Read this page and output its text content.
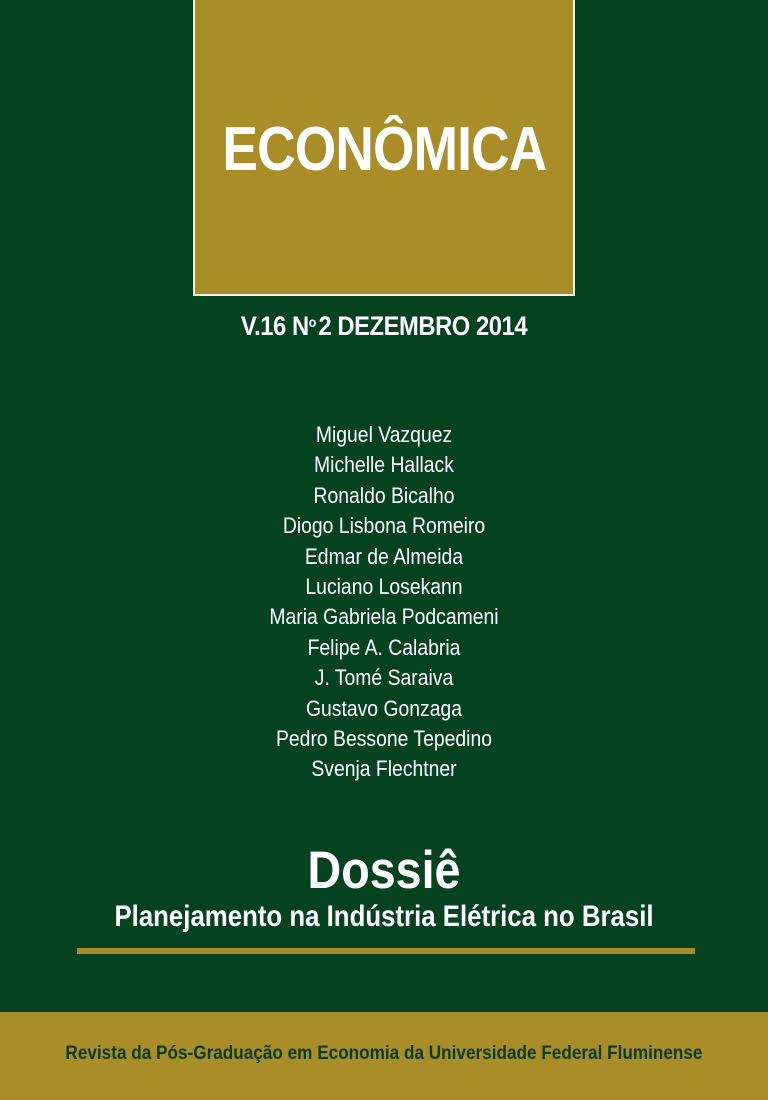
ECONÔMICA
V.16 $N^o2$ DEZEMBRO 2014
Miguel Vazquez
Michelle Hallack
Ronaldo Bicalho
Diogo Lisbona Romeiro
Edmar de Almeida
Luciano Losekann
Maria Gabriela Podcameni
Felipe A. Calabria
J. Tomé Saraiva
Gustavo Gonzaga
Pedro Bessone Tepedino
Svenja Flechtner
Dossiê
Planejamento na Indústria Elétrica no Brasil
Revista da Pós-Graduação em Economia da Universidade Federal Fluminense
